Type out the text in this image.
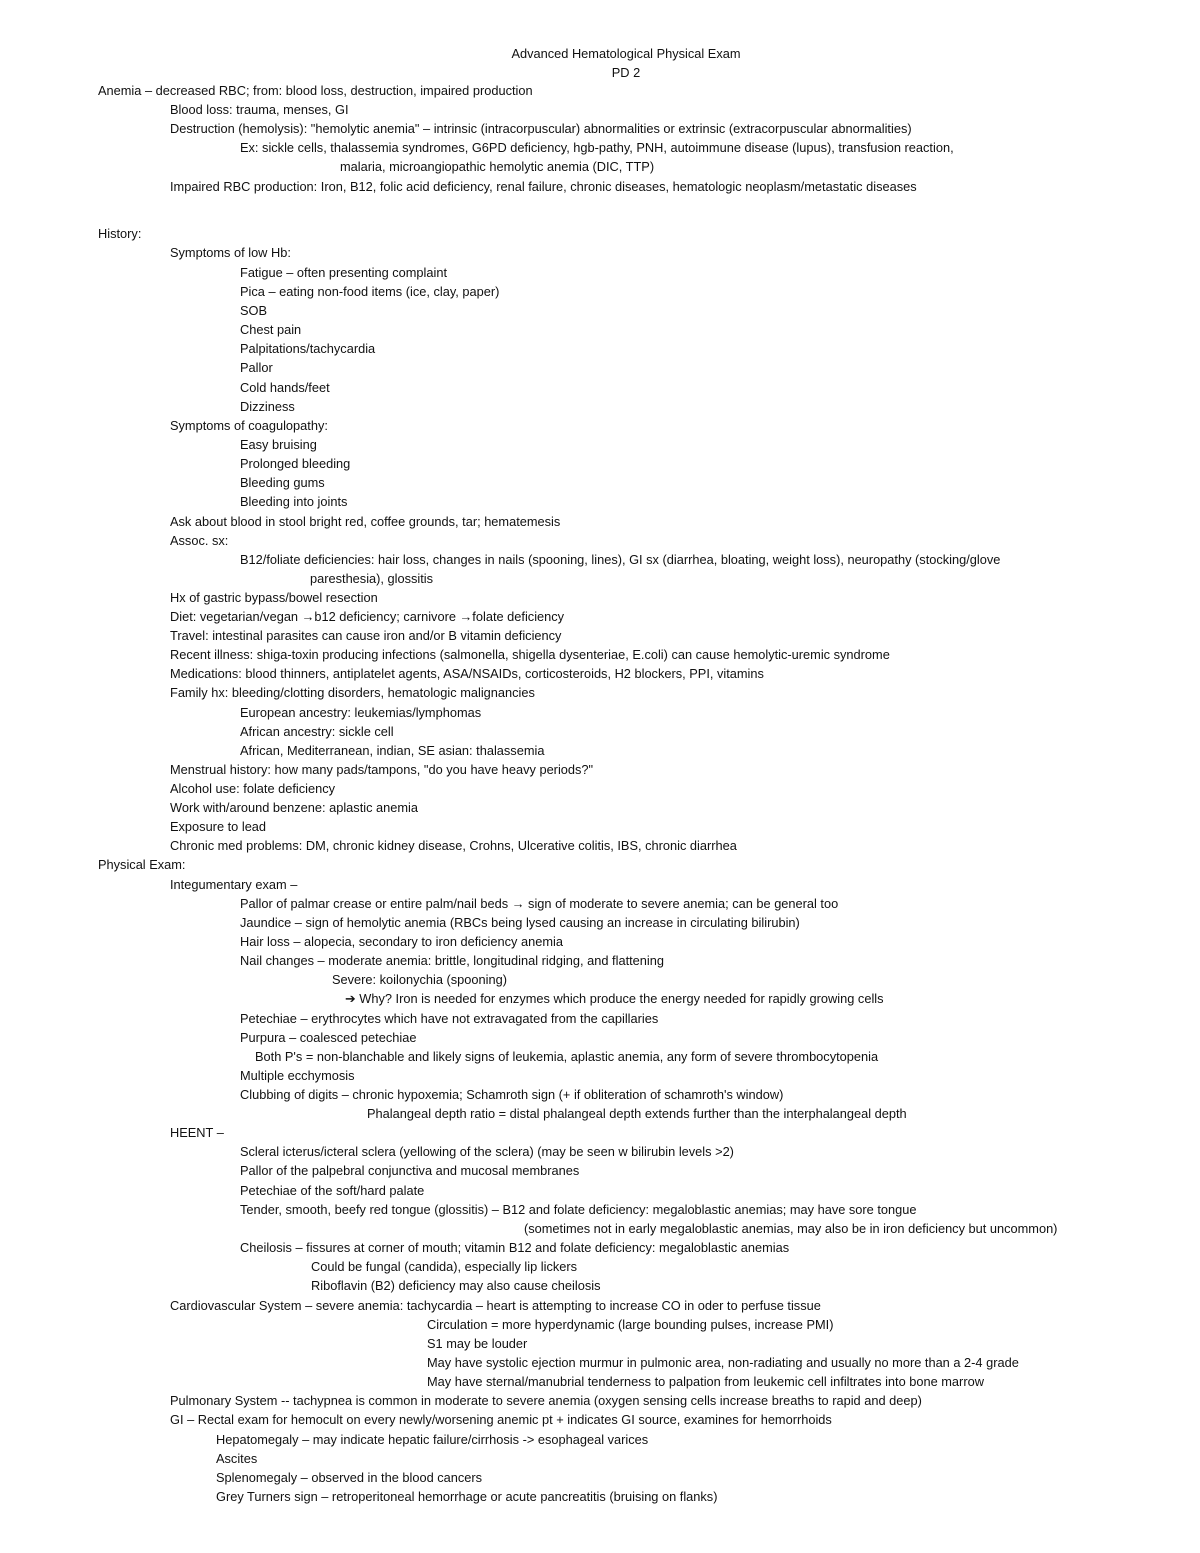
Advanced Hematological Physical Exam
PD 2
Anemia – decreased RBC; from: blood loss, destruction, impaired production
Blood loss: trauma, menses, GI
Destruction (hemolysis): "hemolytic anemia" – intrinsic (intracorpuscular) abnormalities or extrinsic (extracorpuscular abnormalities)
Ex: sickle cells, thalassemia syndromes, G6PD deficiency, hgb-pathy, PNH, autoimmune disease (lupus), transfusion reaction,
malaria, microangiopathic hemolytic anemia (DIC, TTP)
Impaired RBC production: Iron, B12, folic acid deficiency, renal failure, chronic diseases, hematologic neoplasm/metastatic diseases
History:
Symptoms of low Hb:
Fatigue – often presenting complaint
Pica – eating non-food items (ice, clay, paper)
SOB
Chest pain
Palpitations/tachycardia
Pallor
Cold hands/feet
Dizziness
Symptoms of coagulopathy:
Easy bruising
Prolonged bleeding
Bleeding gums
Bleeding into joints
Ask about blood in stool bright red, coffee grounds, tar; hematemesis
Assoc. sx:
B12/foliate deficiencies: hair loss, changes in nails (spooning, lines), GI sx (diarrhea, bloating, weight loss), neuropathy (stocking/glove
paresthesia), glossitis
Hx of gastric bypass/bowel resection
Diet: vegetarian/vegan →b12 deficiency; carnivore →folate deficiency
Travel: intestinal parasites can cause iron and/or B vitamin deficiency
Recent illness: shiga-toxin producing infections (salmonella, shigella dysenteriae, E.coli) can cause hemolytic-uremic syndrome
Medications: blood thinners, antiplatelet agents, ASA/NSAIDs, corticosteroids, H2 blockers, PPI, vitamins
Family hx: bleeding/clotting disorders, hematologic malignancies
European ancestry: leukemias/lymphomas
African ancestry: sickle cell
African, Mediterranean, indian, SE asian: thalassemia
Menstrual history: how many pads/tampons, "do you have heavy periods?"
Alcohol use: folate deficiency
Work with/around benzene: aplastic anemia
Exposure to lead
Chronic med problems: DM, chronic kidney disease, Crohns, Ulcerative colitis, IBS, chronic diarrhea
Physical Exam:
Integumentary exam –
Pallor of palmar crease or entire palm/nail beds → sign of moderate to severe anemia; can be general too
Jaundice – sign of hemolytic anemia (RBCs being lysed causing an increase in circulating bilirubin)
Hair loss – alopecia, secondary to iron deficiency anemia
Nail changes – moderate anemia: brittle, longitudinal ridging, and flattening
Severe: koilonychia (spooning)
➔ Why? Iron is needed for enzymes which produce the energy needed for rapidly growing cells
Petechiae – erythrocytes which have not extravagated from the capillaries
Purpura – coalesced petechiae
Both P's = non-blanchable and likely signs of leukemia, aplastic anemia, any form of severe thrombocytopenia
Multiple ecchymosis
Clubbing of digits – chronic hypoxemia; Schamroth sign (+ if obliteration of schamroth's window)
Phalangeal depth ratio = distal phalangeal depth extends further than the interphalangeal depth
HEENT –
Scleral icterus/icteral sclera (yellowing of the sclera) (may be seen w bilirubin levels >2)
Pallor of the palpebral conjunctiva and mucosal membranes
Petechiae of the soft/hard palate
Tender, smooth, beefy red tongue (glossitis) – B12 and folate deficiency: megaloblastic anemias; may have sore tongue
(sometimes not in early megaloblastic anemias, may also be in iron deficiency but uncommon)
Cheilosis – fissures at corner of mouth; vitamin B12 and folate deficiency: megaloblastic anemias
Could be fungal (candida), especially lip lickers
Riboflavin (B2) deficiency may also cause cheilosis
Cardiovascular System – severe anemia: tachycardia – heart is attempting to increase CO in oder to perfuse tissue
Circulation = more hyperdynamic (large bounding pulses, increase PMI)
S1 may be louder
May have systolic ejection murmur in pulmonic area, non-radiating and usually no more than a 2-4 grade
May have sternal/manubrial tenderness to palpation from leukemic cell infiltrates into bone marrow
Pulmonary System -- tachypnea is common in moderate to severe anemia (oxygen sensing cells increase breaths to rapid and deep)
GI – Rectal exam for hemocult on every newly/worsening anemic pt + indicates GI source, examines for hemorrhoids
Hepatomegaly – may indicate hepatic failure/cirrhosis -> esophageal varices
Ascites
Splenomegaly – observed in the blood cancers
Grey Turners sign – retroperitoneal hemorrhage or acute pancreatitis (bruising on flanks)
